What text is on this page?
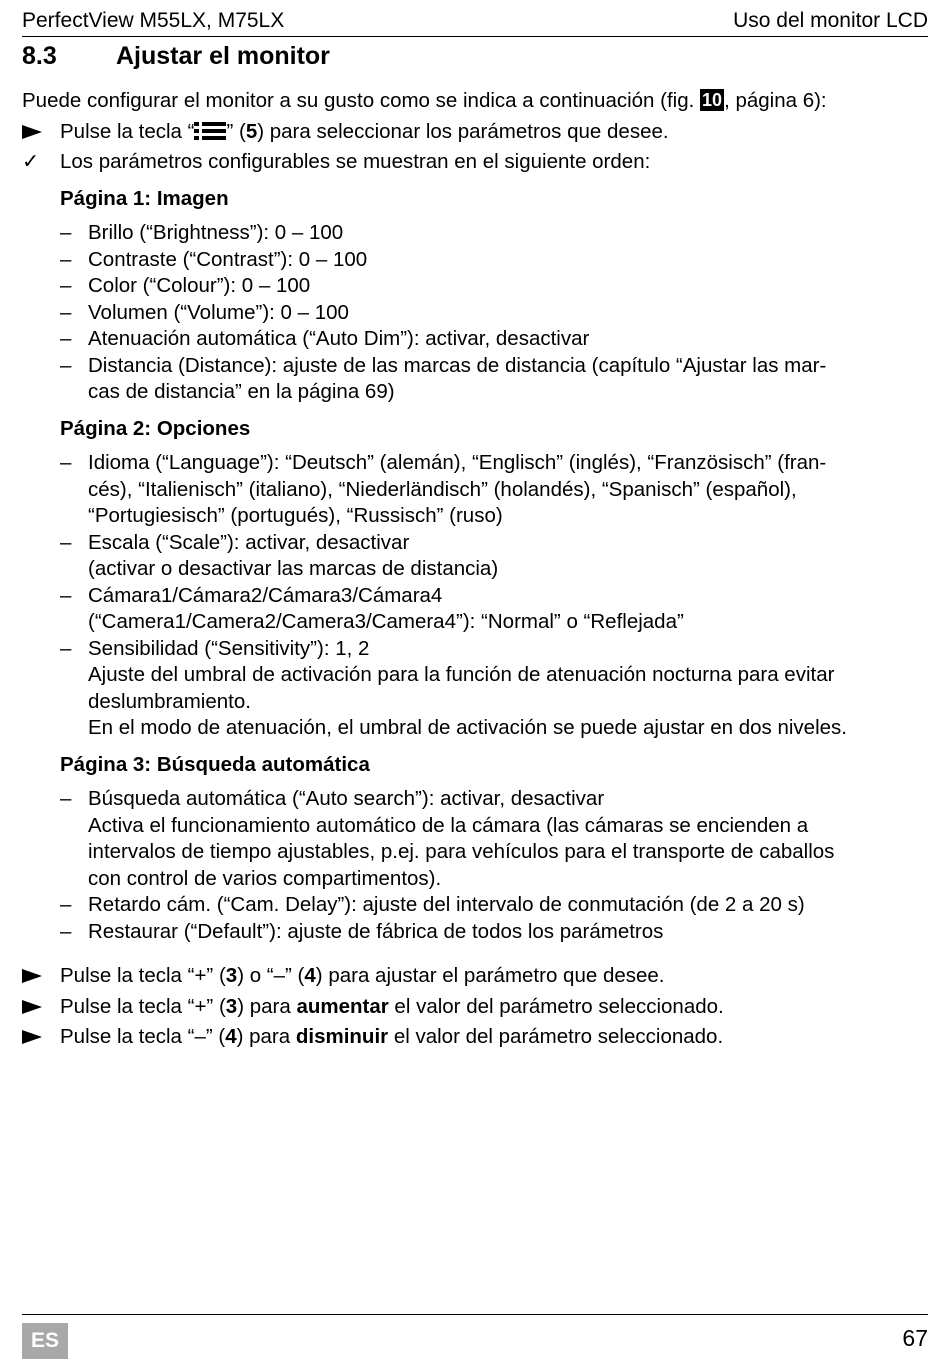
PerfectView M55LX, M75LX	Uso del monitor LCD
8.3 Ajustar el monitor

Puede configurar el monitor a su gusto como se indica a continuación (fig. 10, página 6):

Pulse la tecla “ ” (5) para seleccionar los parámetros que desee.
✓	Los parámetros configurables se muestran en el siguiente orden:
Página 1: Imagen
– Brillo (“Brightness”): 0 – 100
– Contraste (“Contrast”): 0 – 100
– Color (“Colour”): 0 – 100
– Volumen (“Volume”): 0 – 100
– Atenuación automática (“Auto Dim”): activar, desactivar
– Distancia (Distance): ajuste de las marcas de distancia (capítulo “Ajustar las mar-
cas de distancia” en la página 69)
Página 2: Opciones
– Idioma (“Language”): “Deutsch” (alemán), “Englisch” (inglés), “Französisch” (fran-
cés), “Italienisch” (italiano), “Niederländisch” (holandés), “Spanisch” (español),
“Portugiesisch” (portugués), “Russisch” (ruso)
– Escala (“Scale”): activar, desactivar
(activar o desactivar las marcas de distancia)
– Cámara1/Cámara2/Cámara3/Cámara4
(“Camera1/Camera2/Camera3/Camera4”): “Normal” o “Reflejada”
– Sensibilidad (“Sensitivity”): 1, 2
Ajuste del umbral de activación para la función de atenuación nocturna para evitar
deslumbramiento.
En el modo de atenuación, el umbral de activación se puede ajustar en dos niveles.
Página 3: Búsqueda automática
– Búsqueda automática (“Auto search”): activar, desactivar
Activa el funcionamiento automático de la cámara (las cámaras se encienden a
intervalos de tiempo ajustables, p.ej. para vehículos para el transporte de caballos
con control de varios compartimentos).
– Retardo cám. (“Cam. Delay”): ajuste del intervalo de conmutación (de 2 a 20 s)
– Restaurar (“Default”): ajuste de fábrica de todos los parámetros
Pulse la tecla “+” (3) o “–” (4) para ajustar el parámetro que desee.
Pulse la tecla “+” (3) para aumentar el valor del parámetro seleccionado.
Pulse la tecla “–” (4) para disminuir el valor del parámetro seleccionado.
ES	67
